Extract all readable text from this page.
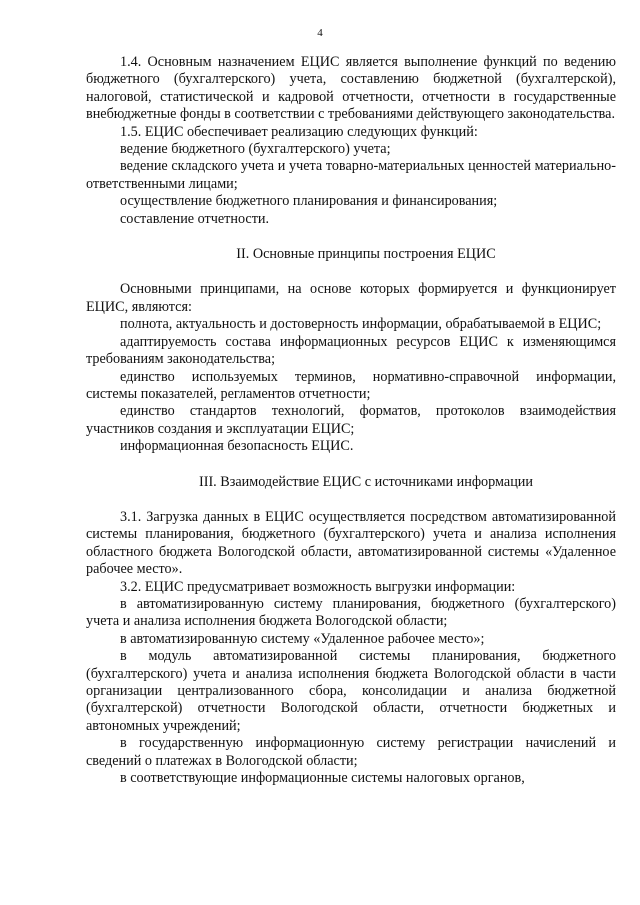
4

1.4. Основным назначением ЕЦИС является выполнение функций по ведению бюджетного (бухгалтерского) учета, составлению бюджетной (бухгалтерской), налоговой, статистической и кадровой отчетности, отчетности в государственные внебюджетные фонды в соответствии с требованиями действующего законодательства.

1.5. ЕЦИС обеспечивает реализацию следующих функций:

ведение бюджетного (бухгалтерского) учета;

ведение складского учета и учета товарно-материальных ценностей материально-ответственными лицами;

осуществление бюджетного планирования и финансирования;

составление отчетности.

II. Основные принципы построения ЕЦИС

Основными принципами, на основе которых формируется и функционирует ЕЦИС, являются:

полнота, актуальность и достоверность информации, обрабатываемой в ЕЦИС;

адаптируемость состава информационных ресурсов ЕЦИС к изменяющимся требованиям законодательства;

единство используемых терминов, нормативно-справочной информации, системы показателей, регламентов отчетности;

единство стандартов технологий, форматов, протоколов взаимодействия участников создания и эксплуатации ЕЦИС;

информационная безопасность ЕЦИС.

III. Взаимодействие ЕЦИС с источниками информации

3.1. Загрузка данных в ЕЦИС осуществляется посредством автоматизированной системы планирования, бюджетного (бухгалтерского) учета и анализа исполнения областного бюджета Вологодской области, автоматизированной системы «Удаленное рабочее место».

3.2. ЕЦИС предусматривает возможность выгрузки информации:

в автоматизированную систему планирования, бюджетного (бухгалтерского) учета и анализа исполнения бюджета Вологодской области;

в автоматизированную систему «Удаленное рабочее место»;

в модуль автоматизированной системы планирования, бюджетного (бухгалтерского) учета и анализа исполнения бюджета Вологодской области в части организации централизованного сбора, консолидации и анализа бюджетной (бухгалтерской) отчетности Вологодской области, отчетности бюджетных и автономных учреждений;

в государственную информационную систему регистрации начислений и сведений о платежах в Вологодской области;

в соответствующие информационные системы налоговых органов,
